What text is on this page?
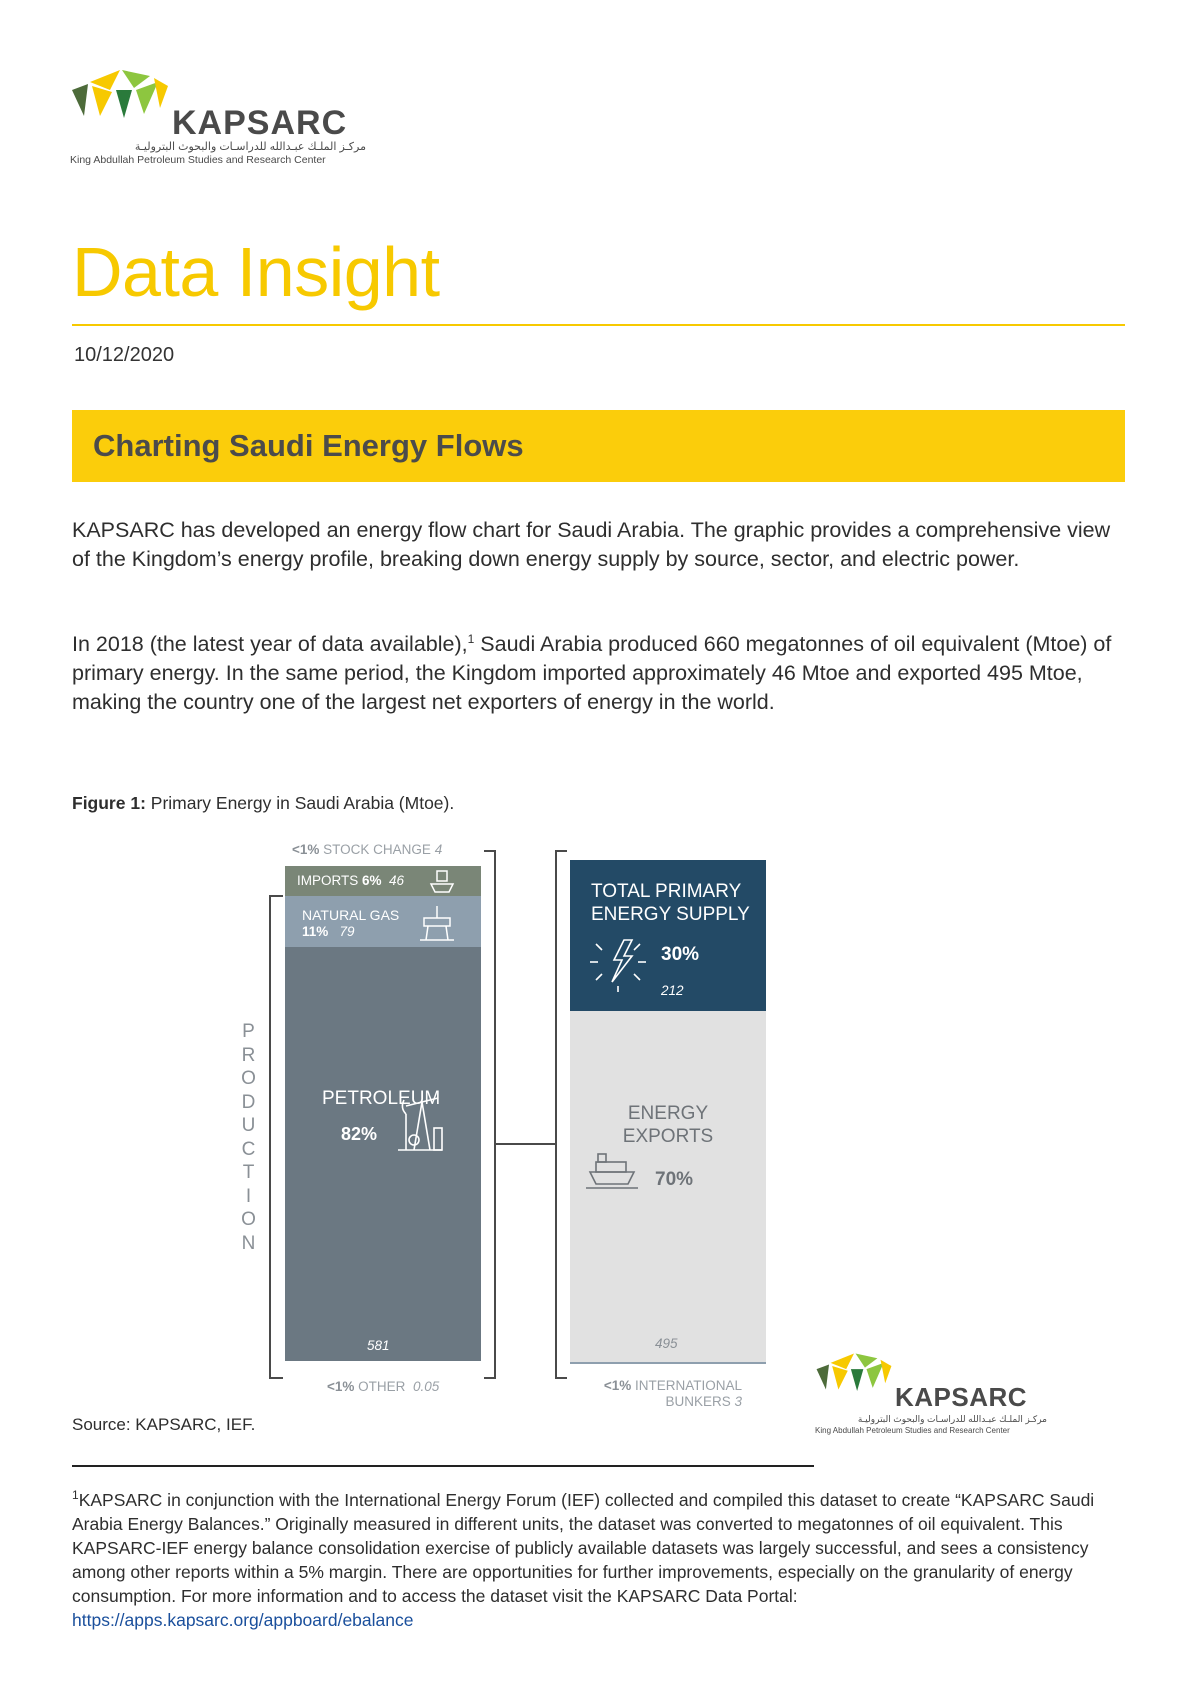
KAPSARC
مركـز الملـك عبـدالله للدراسـات والبحوث البتروليـة
King Abdullah Petroleum Studies and Research Center
Data Insight
10/12/2020
Charting Saudi Energy Flows
KAPSARC has developed an energy flow chart for Saudi Arabia. The graphic provides a comprehensive view of the Kingdom’s energy profile, breaking down energy supply by source, sector, and electric power.
In 2018 (the latest year of data available),$^1$ Saudi Arabia produced 660 megatonnes of oil equivalent (Mtoe) of primary energy. In the same period, the Kingdom imported approximately 46 Mtoe and exported 495 Mtoe, making the country one of the largest net exporters of energy in the world.
Figure 1: Primary Energy in Saudi Arabia (Mtoe).
<1% STOCK CHANGE 4
IMPORTS 6% 46
NATURAL GAS
11% 79
PETROLEUM
82%
581
<1% OTHER  0.05
P
R
O
D
U
C
T
I
O
N
TOTAL PRIMARY
ENERGY SUPPLY
30%
212
ENERGY
EXPORTS
70%
495
<1% INTERNATIONAL
BUNKERS 3	KAPSARC
مركـز الملـك عبـدالله للدراسـات والبحوث البتروليـة
King Abdullah Petroleum Studies and Research Center
Source: KAPSARC, IEF.
$^1$KAPSARC in conjunction with the International Energy Forum (IEF) collected and compiled this dataset to create “KAPSARC Saudi Arabia Energy Balances.” Originally measured in different units, the dataset was converted to megatonnes of oil equivalent. This KAPSARC-IEF energy balance consolidation exercise of publicly available datasets was largely successful, and sees a consistency among other reports within a 5% margin. There are opportunities for further improvements, especially on the granularity of energy consumption. For more information and to access the dataset visit the KAPSARC Data Portal: https://apps.kapsarc.org/appboard/ebalance
